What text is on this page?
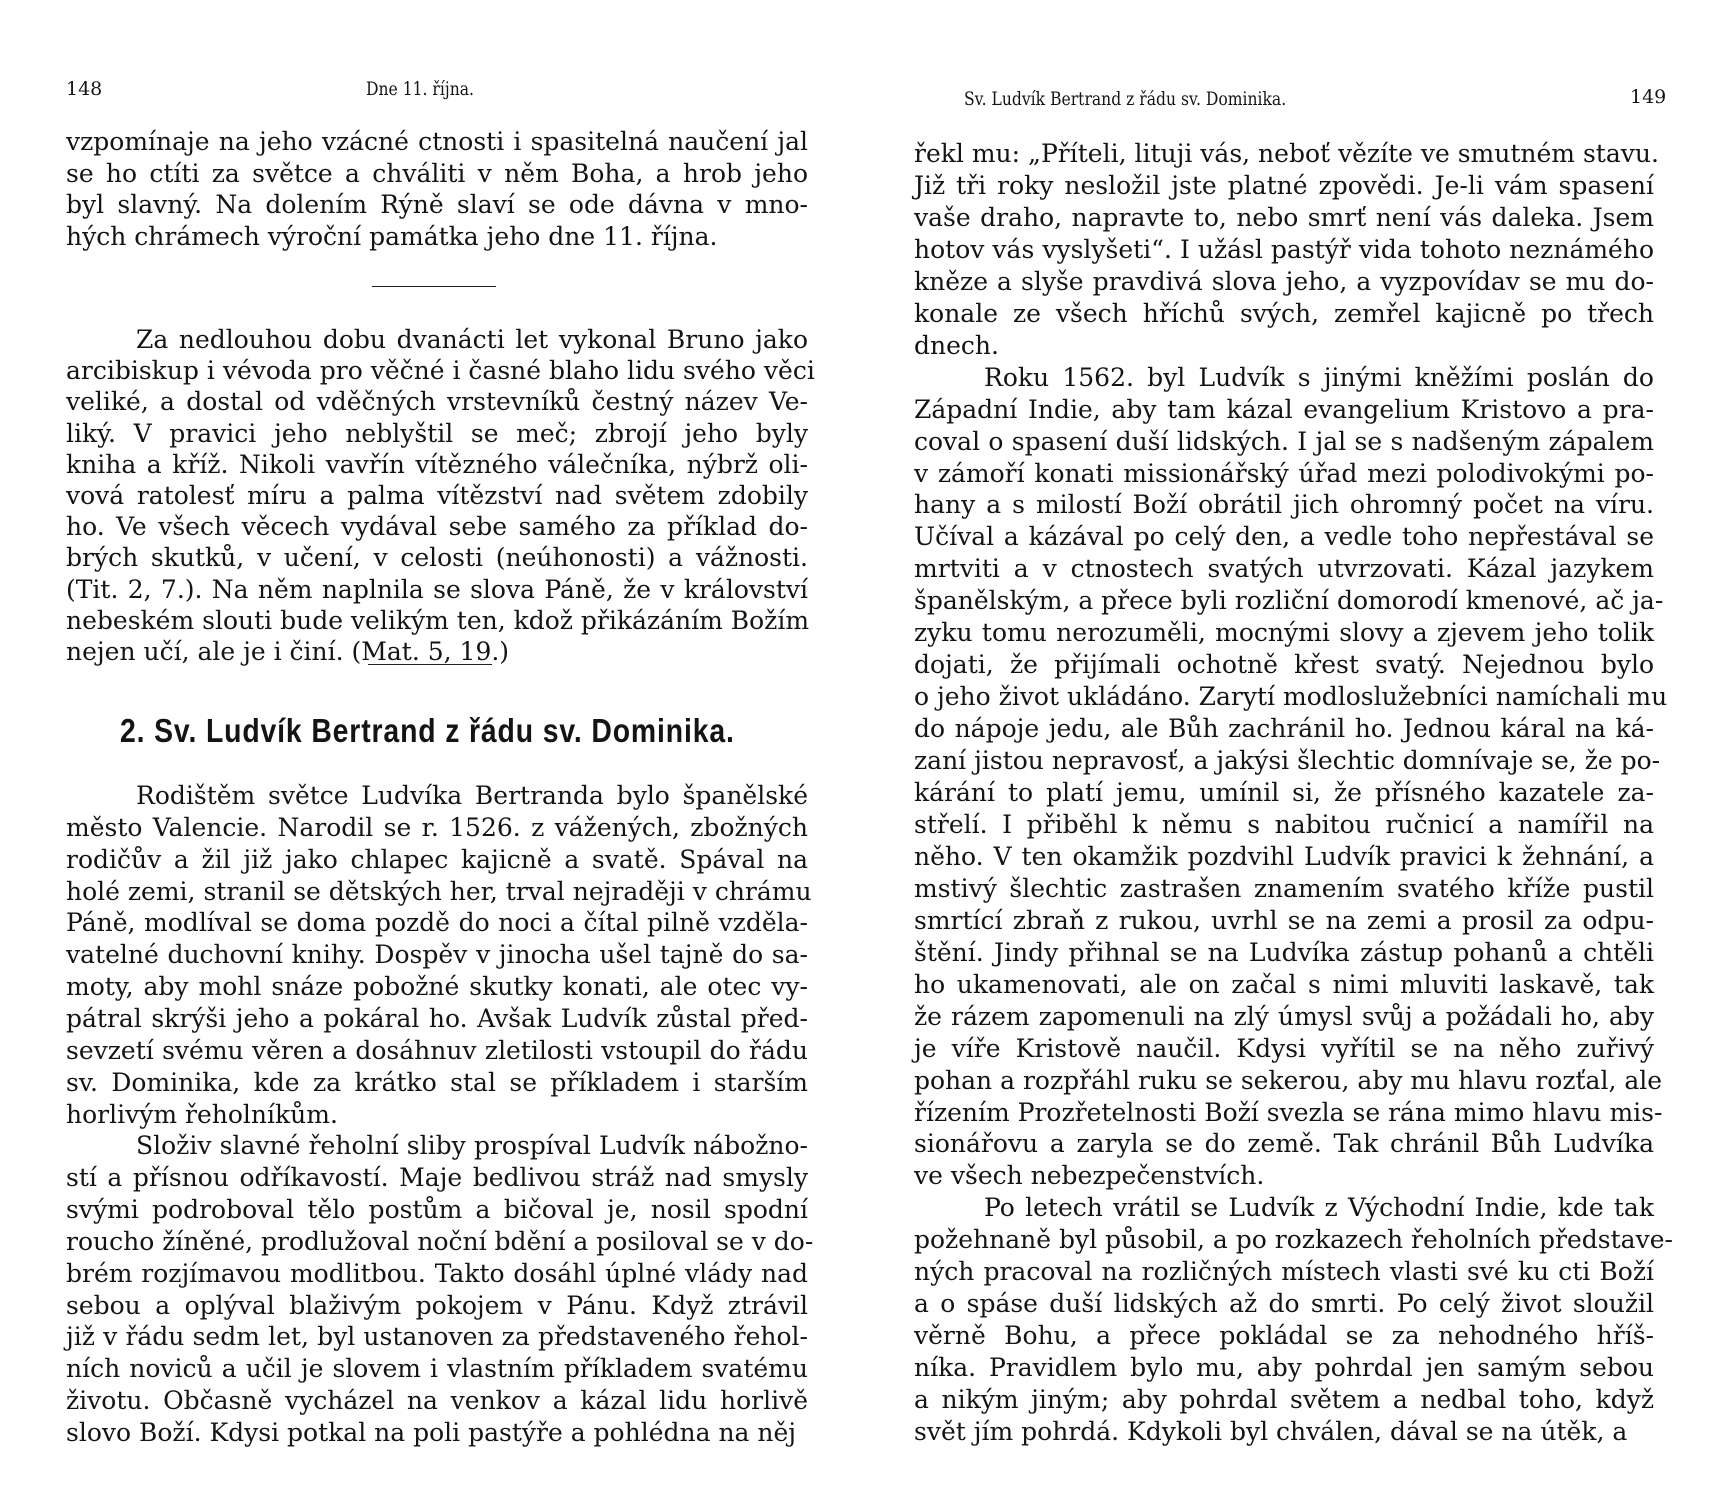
148	Dne 11. října.
vzpomínaje na jeho vzácné ctnosti i spasitelná naučení jal
se ho ctíti za světce a chváliti v něm Boha, a hrob jeho
byl slavný. Na dolením Rýně slaví se ode dávna v mno-
hých chrámech výroční památka jeho dne 11. října.
Za nedlouhou dobu dvanácti let vykonal Bruno jako
arcibiskup i vévoda pro věčné i časné blaho lidu svého věci
veliké, a dostal od vděčných vrstevníků čestný název Ve-
liký. V pravici jeho neblyštil se meč; zbrojí jeho byly
kniha a kříž. Nikoli vavřín vítězného válečníka, nýbrž oli-
vová ratolesť míru a palma vítězství nad světem zdobily
ho. Ve všech věcech vydával sebe samého za příklad do-
brých skutků, v učení, v celosti (neúhonosti) a vážnosti.
(Tit. 2, 7.). Na něm naplnila se slova Páně, že v království
nebeském slouti bude velikým ten, kdož přikázáním Božím
nejen učí, ale je i činí. (Mat. 5, 19.)
Rodištěm světce Ludvíka Bertranda bylo španělské
město Valencie. Narodil se r. 1526. z vážených, zbožných
rodičův a žil již jako chlapec kajicně a svatě. Spával na
holé zemi, stranil se dětských her, trval nejraději v chrámu
Páně, modlíval se doma pozdě do noci a čítal pilně vzděla-
vatelné duchovní knihy. Dospěv v jinocha ušel tajně do sa-
moty, aby mohl snáze pobožné skutky konati, ale otec vy-
pátral skrýši jeho a pokáral ho. Avšak Ludvík zůstal před-
sevzetí svému věren a dosáhnuv zletilosti vstoupil do řádu
sv. Dominika, kde za krátko stal se příkladem i starším
horlivým řeholníkům.
Složiv slavné řeholní sliby prospíval Ludvík nábožno-
stí a přísnou odříkavostí. Maje bedlivou stráž nad smysly
svými podroboval tělo postům a bičoval je, nosil spodní
roucho žíněné, prodlužoval noční bdění a posiloval se v do-
brém rozjímavou modlitbou. Takto dosáhl úplné vlády nad
sebou a oplýval blaživým pokojem v Pánu. Když ztrávil
již v řádu sedm let, byl ustanoven za představeného řehol-
ních noviců a učil je slovem i vlastním příkladem svatému
životu. Občasně vycházel na venkov a kázal lidu horlivě
slovo Boží. Kdysi potkal na poli pastýře a pohlédna na něj
2. Sv. Ludvík Bertrand z řádu sv. Dominika.
Sv. Ludvík Bertrand z řádu sv. Dominika.	149
řekl mu: „Příteli, lituji vás, neboť vězíte ve smutném stavu.
Již tři roky nesložil jste platné zpovědi. Je-li vám spasení
vaše draho, napravte to, nebo smrť není vás daleka. Jsem
hotov vás vyslyšeti“. I užásl pastýř vida tohoto neznámého
kněze a slyše pravdivá slova jeho, a vyzpovídav se mu do-
konale ze všech hříchů svých, zemřel kajicně po třech
dnech.
Roku 1562. byl Ludvík s jinými kněžími poslán do
Západní Indie, aby tam kázal evangelium Kristovo a pra-
coval o spasení duší lidských. I jal se s nadšeným zápalem
v zámoří konati missionářský úřad mezi polodivokými po-
hany a s milostí Boží obrátil jich ohromný počet na víru.
Učíval a kázával po celý den, a vedle toho nepřestával se
mrtviti a v ctnostech svatých utvrzovati. Kázal jazykem
španělským, a přece byli rozliční domorodí kmenové, ač ja-
zyku tomu nerozuměli, mocnými slovy a zjevem jeho tolik
dojati, že přijímali ochotně křest svatý. Nejednou bylo
o jeho život ukládáno. Zarytí modloslužebníci namíchali mu
do nápoje jedu, ale Bůh zachránil ho. Jednou káral na ká-
zaní jistou nepravosť, a jakýsi šlechtic domnívaje se, že po-
kárání to platí jemu, umínil si, že přísného kazatele za-
střelí. I přiběhl k němu s nabitou ručnicí a namířil na
něho. V ten okamžik pozdvihl Ludvík pravici k žehnání, a
mstivý šlechtic zastrašen znamením svatého kříže pustil
smrtící zbraň z rukou, uvrhl se na zemi a prosil za odpu-
štění. Jindy přihnal se na Ludvíka zástup pohanů a chtěli
ho ukamenovati, ale on začal s nimi mluviti laskavě, tak
že rázem zapomenuli na zlý úmysl svůj a požádali ho, aby
je víře Kristově naučil. Kdysi vyřítil se na něho zuřivý
pohan a rozpřáhl ruku se sekerou, aby mu hlavu rozťal, ale
řízením Prozřetelnosti Boží svezla se rána mimo hlavu mis-
sionářovu a zaryla se do země. Tak chránil Bůh Ludvíka
ve všech nebezpečenstvích.
Po letech vrátil se Ludvík z Východní Indie, kde tak
požehnaně byl působil, a po rozkazech řeholních představe-
ných pracoval na rozličných místech vlasti své ku cti Boží
a o spáse duší lidských až do smrti. Po celý život sloužil
věrně Bohu, a přece pokládal se za nehodného hříš-
níka. Pravidlem bylo mu, aby pohrdal jen samým sebou
a nikým jiným; aby pohrdal světem a nedbal toho, když
svět jím pohrdá. Kdykoli byl chválen, dával se na útěk, a
